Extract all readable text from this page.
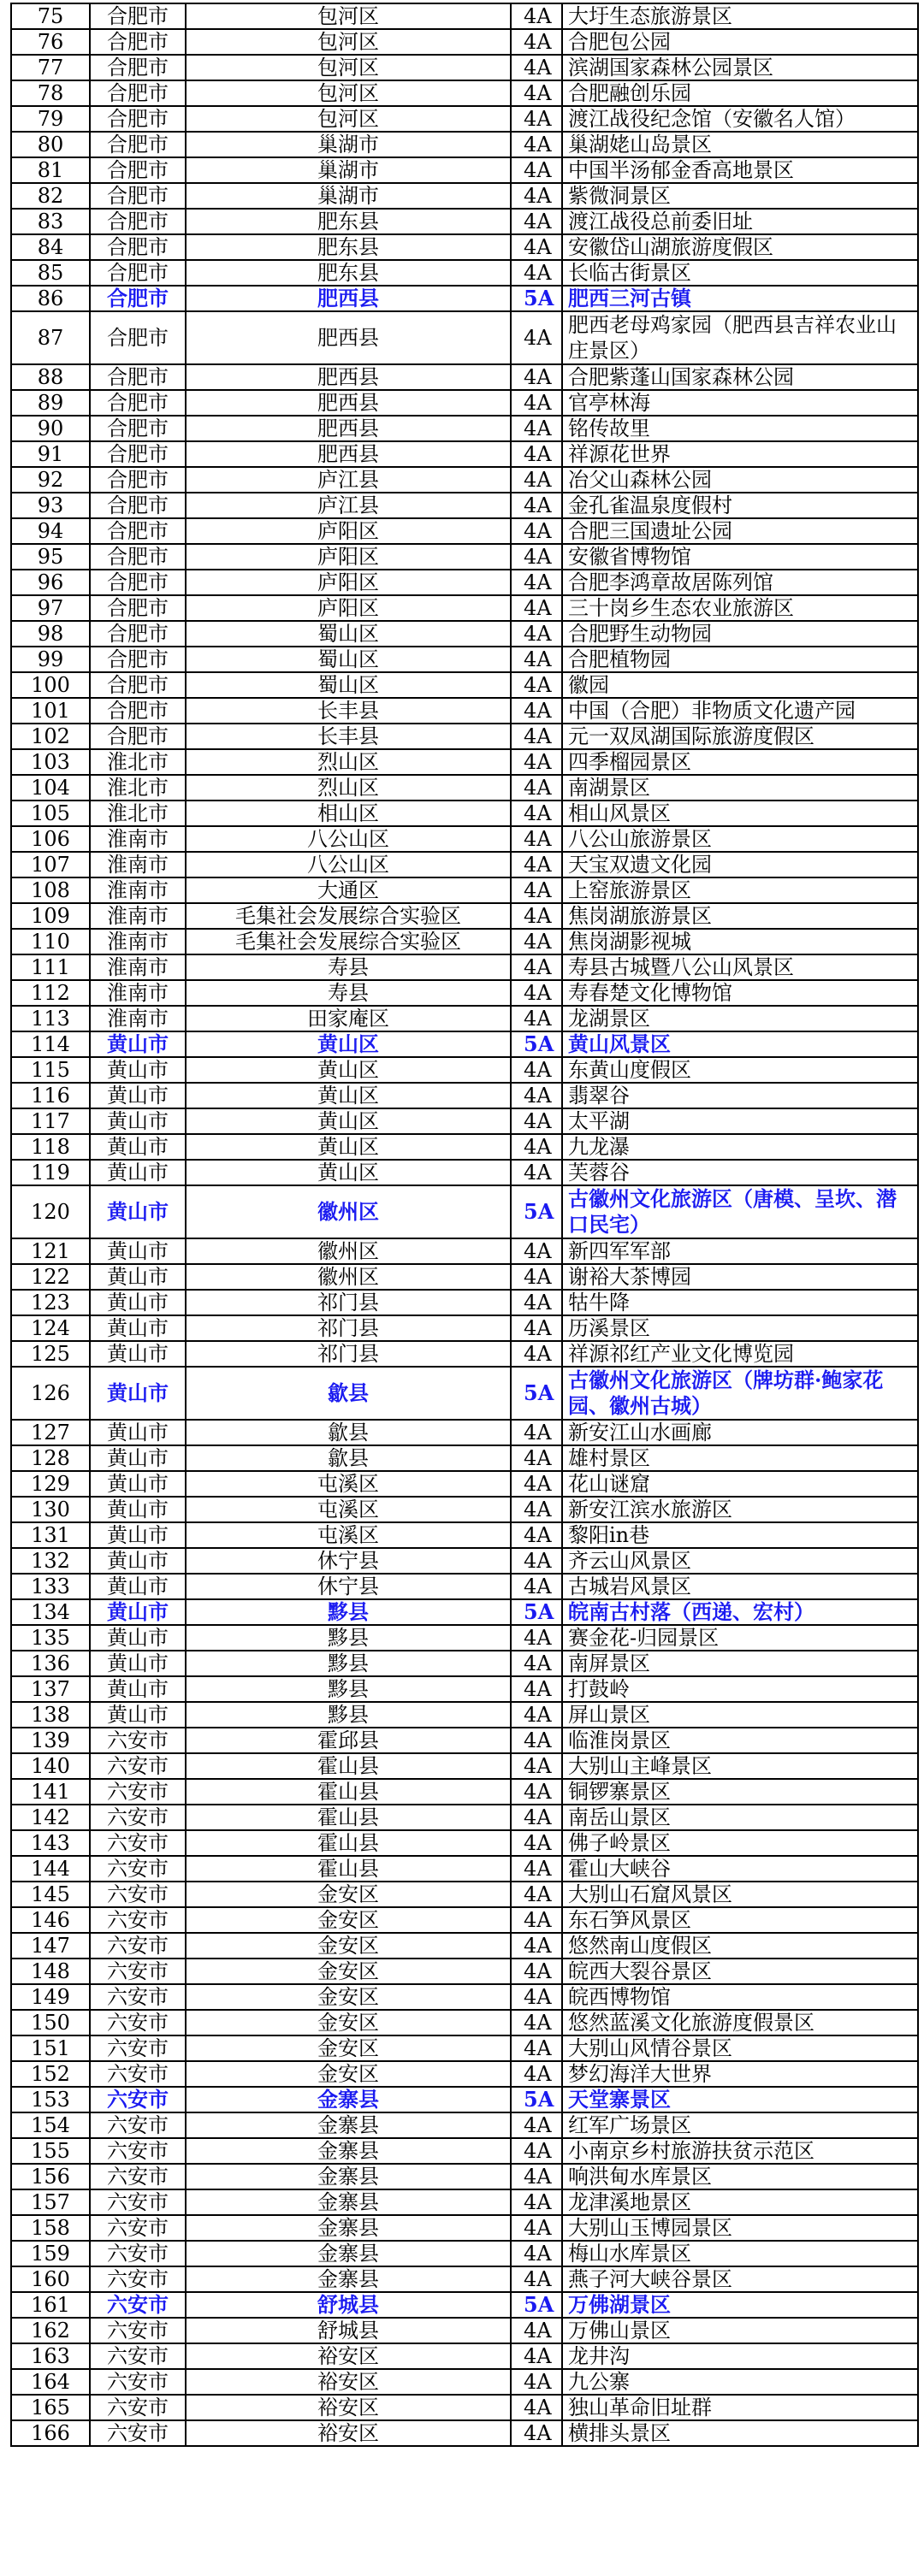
75	合肥市	包河区	4A	大圩生态旅游景区
76	合肥市	包河区	4A	合肥包公园
77	合肥市	包河区	4A	滨湖国家森林公园景区
78	合肥市	包河区	4A	合肥融创乐园
79	合肥市	包河区	4A	渡江战役纪念馆（安徽名人馆）
80	合肥市	巢湖市	4A	巢湖姥山岛景区
81	合肥市	巢湖市	4A	中国半汤郁金香高地景区
82	合肥市	巢湖市	4A	紫微洞景区
83	合肥市	肥东县	4A	渡江战役总前委旧址
84	合肥市	肥东县	4A	安徽岱山湖旅游度假区
85	合肥市	肥东县	4A	长临古街景区
86	合肥市	肥西县	5A	肥西三河古镇
87	合肥市	肥西县	4A	肥西老母鸡家园（肥西县吉祥农业山庄景区）
88	合肥市	肥西县	4A	合肥紫蓬山国家森林公园
89	合肥市	肥西县	4A	官亭林海
90	合肥市	肥西县	4A	铭传故里
91	合肥市	肥西县	4A	祥源花世界
92	合肥市	庐江县	4A	冶父山森林公园
93	合肥市	庐江县	4A	金孔雀温泉度假村
94	合肥市	庐阳区	4A	合肥三国遗址公园
95	合肥市	庐阳区	4A	安徽省博物馆
96	合肥市	庐阳区	4A	合肥李鸿章故居陈列馆
97	合肥市	庐阳区	4A	三十岗乡生态农业旅游区
98	合肥市	蜀山区	4A	合肥野生动物园
99	合肥市	蜀山区	4A	合肥植物园
100	合肥市	蜀山区	4A	徽园
101	合肥市	长丰县	4A	中国（合肥）非物质文化遗产园
102	合肥市	长丰县	4A	元一双凤湖国际旅游度假区
103	淮北市	烈山区	4A	四季榴园景区
104	淮北市	烈山区	4A	南湖景区
105	淮北市	相山区	4A	相山风景区
106	淮南市	八公山区	4A	八公山旅游景区
107	淮南市	八公山区	4A	天宝双遗文化园
108	淮南市	大通区	4A	上窑旅游景区
109	淮南市	毛集社会发展综合实验区	4A	焦岗湖旅游景区
110	淮南市	毛集社会发展综合实验区	4A	焦岗湖影视城
111	淮南市	寿县	4A	寿县古城暨八公山风景区
112	淮南市	寿县	4A	寿春楚文化博物馆
113	淮南市	田家庵区	4A	龙湖景区
114	黄山市	黄山区	5A	黄山风景区
115	黄山市	黄山区	4A	东黄山度假区
116	黄山市	黄山区	4A	翡翠谷
117	黄山市	黄山区	4A	太平湖
118	黄山市	黄山区	4A	九龙瀑
119	黄山市	黄山区	4A	芙蓉谷
120	黄山市	徽州区	5A	古徽州文化旅游区（唐模、呈坎、潜口民宅）
121	黄山市	徽州区	4A	新四军军部
122	黄山市	徽州区	4A	谢裕大茶博园
123	黄山市	祁门县	4A	牯牛降
124	黄山市	祁门县	4A	历溪景区
125	黄山市	祁门县	4A	祥源祁红产业文化博览园
126	黄山市	歙县	5A	古徽州文化旅游区（牌坊群·鲍家花园、徽州古城）
127	黄山市	歙县	4A	新安江山水画廊
128	黄山市	歙县	4A	雄村景区
129	黄山市	屯溪区	4A	花山谜窟
130	黄山市	屯溪区	4A	新安江滨水旅游区
131	黄山市	屯溪区	4A	黎阳in巷
132	黄山市	休宁县	4A	齐云山风景区
133	黄山市	休宁县	4A	古城岩风景区
134	黄山市	黟县	5A	皖南古村落（西递、宏村）
135	黄山市	黟县	4A	赛金花-归园景区
136	黄山市	黟县	4A	南屏景区
137	黄山市	黟县	4A	打鼓岭
138	黄山市	黟县	4A	屏山景区
139	六安市	霍邱县	4A	临淮岗景区
140	六安市	霍山县	4A	大别山主峰景区
141	六安市	霍山县	4A	铜锣寨景区
142	六安市	霍山县	4A	南岳山景区
143	六安市	霍山县	4A	佛子岭景区
144	六安市	霍山县	4A	霍山大峡谷
145	六安市	金安区	4A	大别山石窟风景区
146	六安市	金安区	4A	东石笋风景区
147	六安市	金安区	4A	悠然南山度假区
148	六安市	金安区	4A	皖西大裂谷景区
149	六安市	金安区	4A	皖西博物馆
150	六安市	金安区	4A	悠然蓝溪文化旅游度假景区
151	六安市	金安区	4A	大别山风情谷景区
152	六安市	金安区	4A	梦幻海洋大世界
153	六安市	金寨县	5A	天堂寨景区
154	六安市	金寨县	4A	红军广场景区
155	六安市	金寨县	4A	小南京乡村旅游扶贫示范区
156	六安市	金寨县	4A	响洪甸水库景区
157	六安市	金寨县	4A	龙津溪地景区
158	六安市	金寨县	4A	大别山玉博园景区
159	六安市	金寨县	4A	梅山水库景区
160	六安市	金寨县	4A	燕子河大峡谷景区
161	六安市	舒城县	5A	万佛湖景区
162	六安市	舒城县	4A	万佛山景区
163	六安市	裕安区	4A	龙井沟
164	六安市	裕安区	4A	九公寨
165	六安市	裕安区	4A	独山革命旧址群
166	六安市	裕安区	4A	横排头景区
